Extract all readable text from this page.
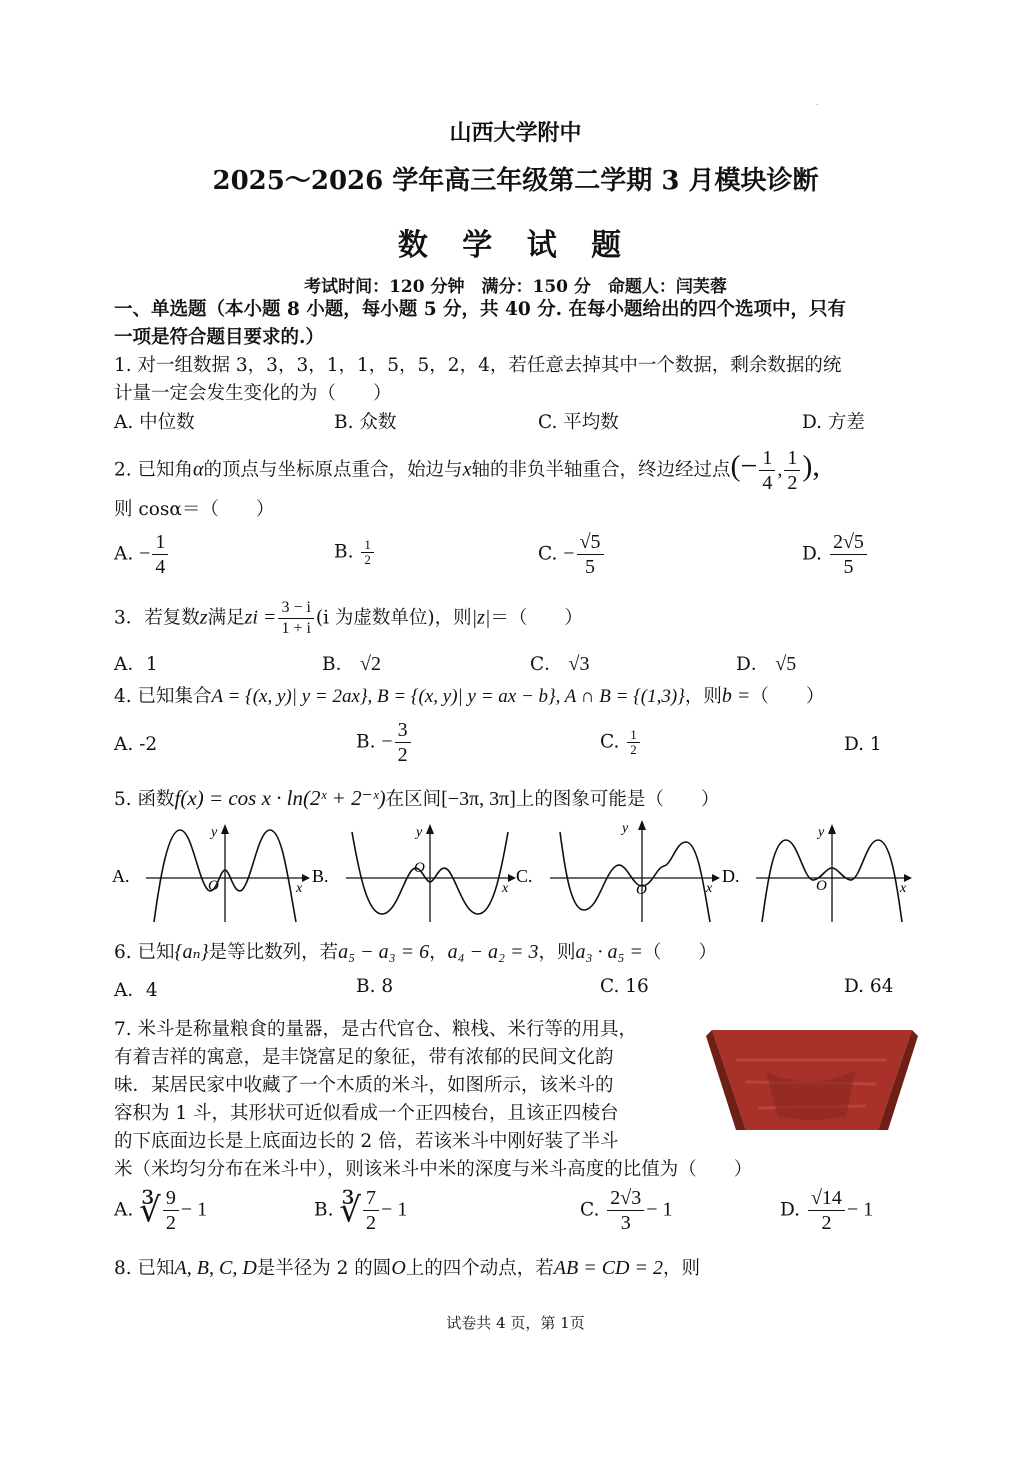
.
山西大学附中
2025～2026 学年高三年级第二学期 3 月模块诊断
数 学 试 题
考试时间：120 分钟　满分：150 分　命题人：闫芙蓉
一、单选题（本小题 8 小题，每小题 5 分，共 40 分. 在每小题给出的四个选项中，只有
一项是符合题目要求的.）
1. 对一组数据 3，3，3，1，1，5，5，2，4，若任意去掉其中一个数据，剩余数据的统
计量一定会发生变化的为（　　）
A. 中位数	B. 众数	C. 平均数	D. 方差
2. 已知角α的顶点与坐标原点重合，始边与x轴的非负半轴重合，终边经过点(− $\frac{1}{4}$ , $\frac{1}{2}$ ),
则 cosα＝（　　）
A. − $\frac{1}{4}$	B. $\frac{1}{2}$	C. − $\frac{√5}{5}$	D. $\frac{2√5}{5}$
3．若复数z满足zi = $\frac{3 - i}{1 + i} (i$ 为虚数单位)，则|z|＝（　　）
A．1	B． √2	C． √3	D． √5
4. 已知集合A = {(x, y)| y = 2ax}, B = {(x, y)| y = ax − b}, A ∩ B = {(1,3)}，则b =（　　）
A. -2	B. − $\frac{3}{2}$	C. $\frac{1}{2}$	D. 1
5. 函数f(x) = cos x · ln(2ˣ + 2⁻ˣ)在区间[−3π, 3π]上的图象可能是（　　）
A.
x
y
O	B.
x
y
O	C.
x
y
O
D.
x
y
O
6. 已知{aₙ}是等比数列，若a₅ − a₃ = 6，a₄ − a₂ = 3，则a₃ · a₅ =（　　）
A．4	B. 8	C. 16	D. 64
7. 米斗是称量粮食的量器，是古代官仓、粮栈、米行等的用具，
有着吉祥的寓意，是丰饶富足的象征，带有浓郁的民间文化韵
味．某居民家中收藏了一个木质的米斗，如图所示，该米斗的
容积为 1 斗，其形状可近似看成一个正四棱台，且该正四棱台
的下底面边长是上底面边长的 2 倍，若该米斗中刚好装了半斗
米（米均匀分布在米斗中），则该米斗中米的深度与米斗高度的比值为（　　）
A. ∛ $\frac{9}{2} - 1$	B. ∛ $\frac{7}{2} - 1$	C. $\frac{2√3}{3} - 1$	D. $\frac{√14}{2} - 1$
8. 已知A, B, C, D是半径为 2 的圆O上的四个动点，若AB = CD = 2，则
试卷共 4 页，第 1页
